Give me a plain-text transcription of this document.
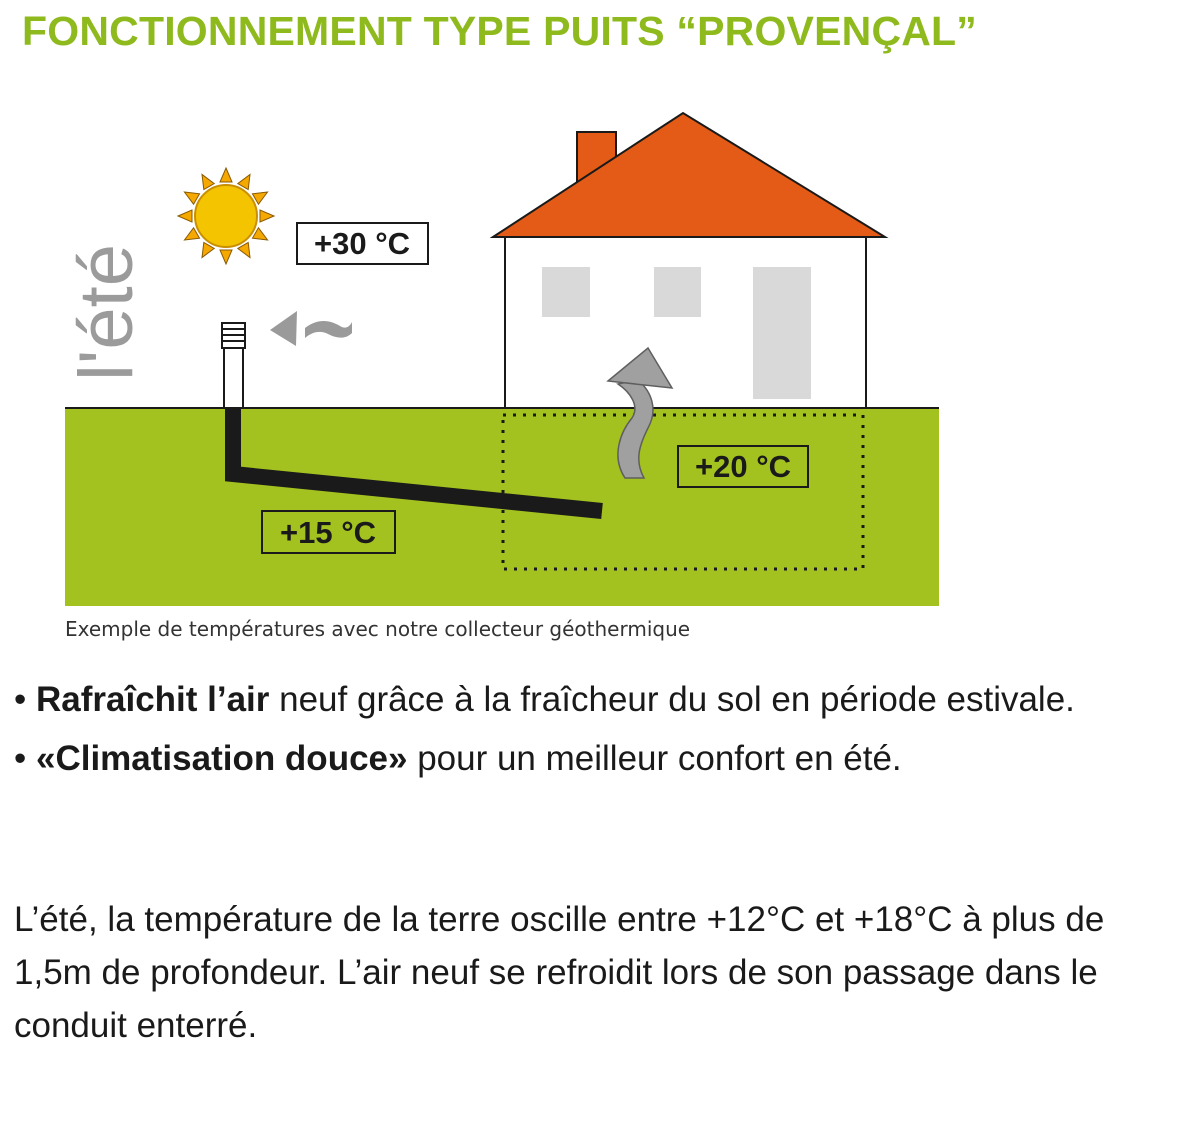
FONCTIONNEMENT TYPE PUITS “PROVENÇAL”
l'été
+30 °C
+15 °C
+20 °C
Exemple de températures avec notre collecteur géothermique
• Rafraîchit l’air neuf grâce à la fraîcheur du sol en période estivale.
• «Climatisation douce» pour un meilleur confort en été.

L’été, la température de la terre oscille entre +12°C et +18°C à plus de 1,5m de profondeur. L’air neuf se refroidit lors de son passage dans le conduit enterré.
